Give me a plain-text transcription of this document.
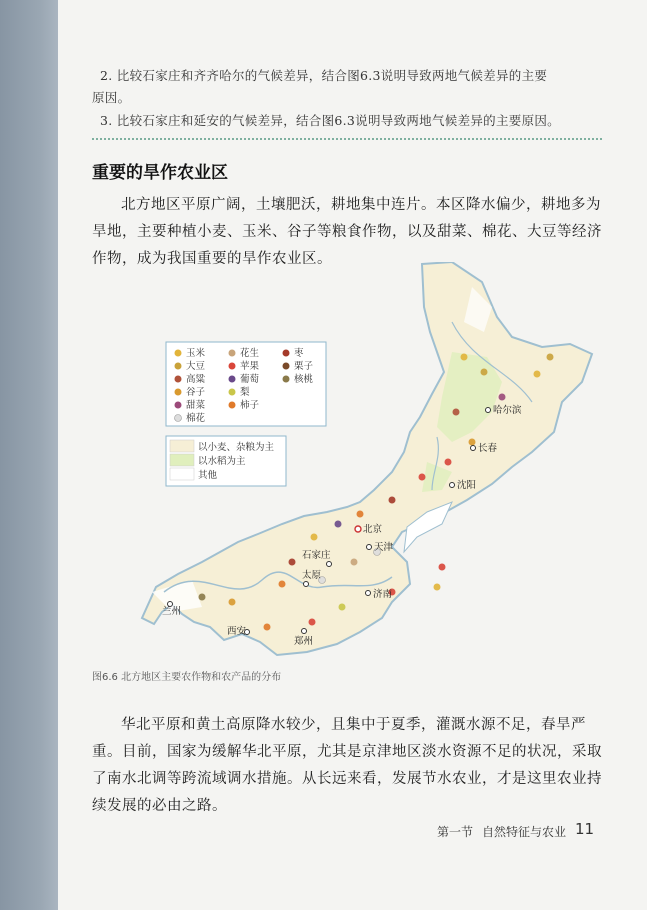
2. 比较石家庄和齐齐哈尔的气候差异，结合图6.3说明导致两地气候差异的主要
原因。
3. 比较石家庄和延安的气候差异，结合图6.3说明导致两地气候差异的主要原因。
重要的旱作农业区

北方地区平原广阔，土壤肥沃，耕地集中连片。本区降水偏少，耕地多为

旱地，主要种植小麦、玉米、谷子等粮食作物，以及甜菜、棉花、大豆等经济

作物，成为我国重要的旱作农业区。

玉米
大豆
高粱
谷子
甜菜
棉花
花生
苹果
葡萄
梨
柿子
枣
栗子
核桃
以小麦、杂粮为主
以水稻为主
其他
哈尔滨
长春
沈阳
北京
天津
石家庄
太原
济南
兰州
西安
郑州
图6.6 北方地区主要农作物和农产品的分布

华北平原和黄土高原降水较少，且集中于夏季，灌溉水源不足，春旱严

重。目前，国家为缓解华北平原，尤其是京津地区淡水资源不足的状况，采取

了南水北调等跨流域调水措施。从长远来看，发展节水农业，才是这里农业持

续发展的必由之路。

第一节 自然特征与农业 11
